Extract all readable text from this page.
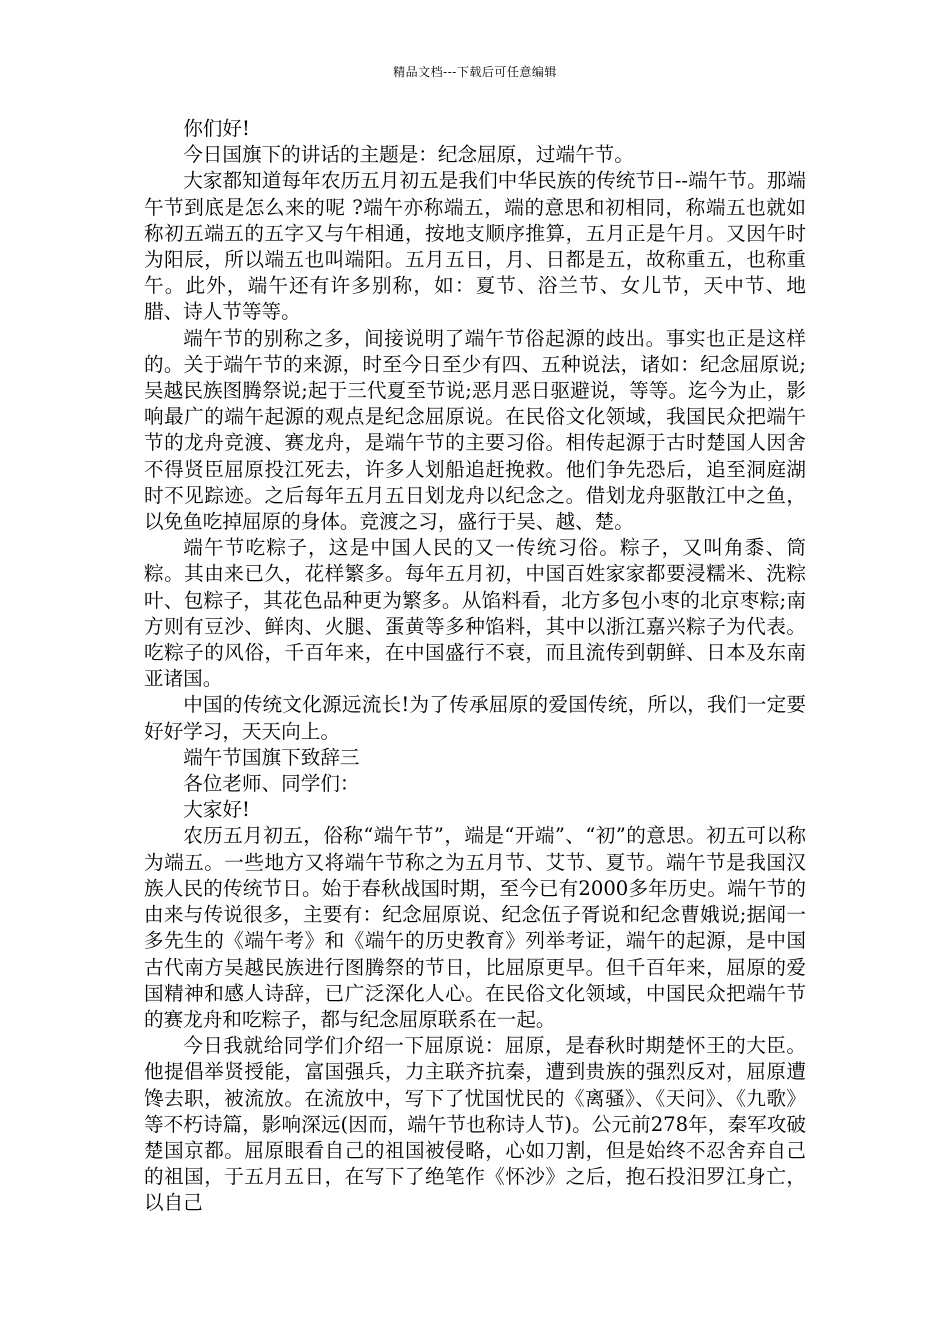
精品文档---下载后可任意编辑

你们好!

今日国旗下的讲话的主题是：纪念屈原，过端午节。

大家都知道每年农历五月初五是我们中华民族的传统节日--端午节。那端午节到底是怎么来的呢 ?端午亦称端五，端的意思和初相同，称端五也就如称初五端五的五字又与午相通，按地支顺序推算，五月正是午月。又因午时为阳辰，所以端五也叫端阳。五月五日，月、日都是五，故称重五，也称重午。此外，端午还有许多别称，如：夏节、浴兰节、女儿节，天中节、地腊、诗人节等等。

端午节的别称之多，间接说明了端午节俗起源的歧出。事实也正是这样的。关于端午节的来源，时至今日至少有四、五种说法，诸如：纪念屈原说;吴越民族图腾祭说;起于三代夏至节说;恶月恶日驱避说，等等。迄今为止，影响最广的端午起源的观点是纪念屈原说。在民俗文化领域，我国民众把端午节的龙舟竞渡、赛龙舟，是端午节的主要习俗。相传起源于古时楚国人因舍不得贤臣屈原投江死去，许多人划船追赶挽救。他们争先恐后，追至洞庭湖时不见踪迹。之后每年五月五日划龙舟以纪念之。借划龙舟驱散江中之鱼，以免鱼吃掉屈原的身体。竞渡之习，盛行于吴、越、楚。

端午节吃粽子，这是中国人民的又一传统习俗。粽子，又叫角黍、筒粽。其由来已久，花样繁多。每年五月初，中国百姓家家都要浸糯米、洗粽叶、包粽子，其花色品种更为繁多。从馅料看，北方多包小枣的北京枣粽;南方则有豆沙、鲜肉、火腿、蛋黄等多种馅料，其中以浙江嘉兴粽子为代表。吃粽子的风俗，千百年来，在中国盛行不衰，而且流传到朝鲜、日本及东南亚诸国。

中国的传统文化源远流长!为了传承屈原的爱国传统，所以，我们一定要好好学习，天天向上。

端午节国旗下致辞三

各位老师、同学们：

大家好!

农历五月初五，俗称“端午节”，端是“开端”、“初”的意思。初五可以称为端五。一些地方又将端午节称之为五月节、艾节、夏节。端午节是我国汉族人民的传统节日。始于春秋战国时期，至今已有2000多年历史。端午节的由来与传说很多，主要有：纪念屈原说、纪念伍子胥说和纪念曹娥说;据闻一多先生的《端午考》和《端午的历史教育》列举考证，端午的起源，是中国古代南方吴越民族进行图腾祭的节日，比屈原更早。但千百年来，屈原的爱国精神和感人诗辞，已广泛深化人心。在民俗文化领域，中国民众把端午节的赛龙舟和吃粽子，都与纪念屈原联系在一起。

今日我就给同学们介绍一下屈原说：屈原，是春秋时期楚怀王的大臣。他提倡举贤授能，富国强兵，力主联齐抗秦，遭到贵族的强烈反对，屈原遭馋去职，被流放。在流放中，写下了忧国忧民的《离骚》、《天问》、《九歌》等不朽诗篇，影响深远(因而，端午节也称诗人节)。公元前278年，秦军攻破楚国京都。屈原眼看自己的祖国被侵略，心如刀割，但是始终不忍舍弃自己的祖国，于五月五日，在写下了绝笔作《怀沙》之后，抱石投汨罗江身亡，以自己
